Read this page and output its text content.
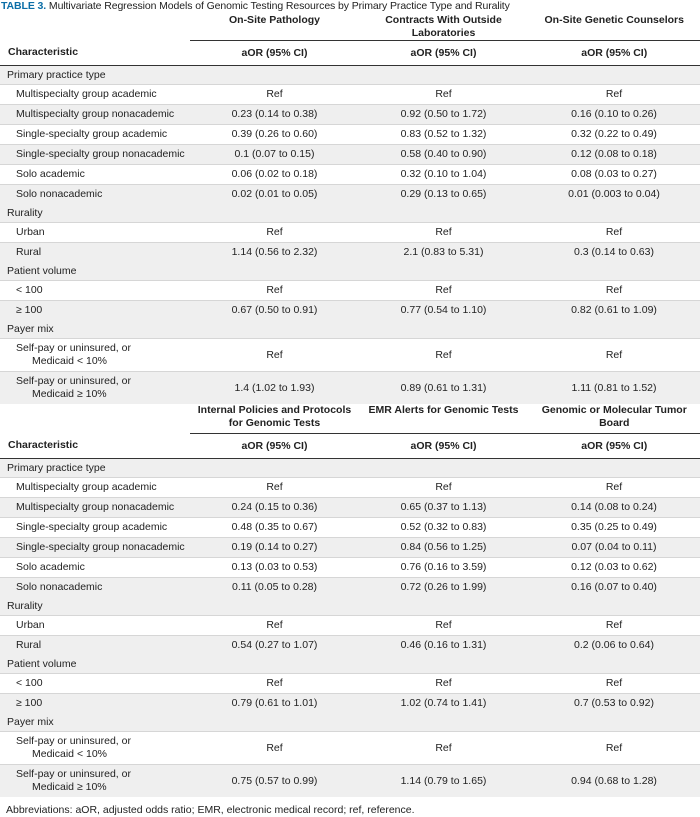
TABLE 3. Multivariate Regression Models of Genomic Testing Resources by Primary Practice Type and Rurality
	On-Site Pathology	Contracts With Outside Laboratories	On-Site Genetic Counselors
Characteristic	aOR (95% CI)	aOR (95% CI)	aOR (95% CI)
Primary practice type			
Multispecialty group academic	Ref	Ref	Ref
Multispecialty group nonacademic	0.23 (0.14 to 0.38)	0.92 (0.50 to 1.72)	0.16 (0.10 to 0.26)
Single-specialty group academic	0.39 (0.26 to 0.60)	0.83 (0.52 to 1.32)	0.32 (0.22 to 0.49)
Single-specialty group nonacademic	0.1 (0.07 to 0.15)	0.58 (0.40 to 0.90)	0.12 (0.08 to 0.18)
Solo academic	0.06 (0.02 to 0.18)	0.32 (0.10 to 1.04)	0.08 (0.03 to 0.27)
Solo nonacademic	0.02 (0.01 to 0.05)	0.29 (0.13 to 0.65)	0.01 (0.003 to 0.04)
Rurality			
Urban	Ref	Ref	Ref
Rural	1.14 (0.56 to 2.32)	2.1 (0.83 to 5.31)	0.3 (0.14 to 0.63)
Patient volume			
< 100	Ref	Ref	Ref
≥ 100	0.67 (0.50 to 0.91)	0.77 (0.54 to 1.10)	0.82 (0.61 to 1.09)
Payer mix			

Self-pay or uninsured, or
Medicaid < 10%	Ref	Ref	Ref

Self-pay or uninsured, or
Medicaid ≥ 10%	1.4 (1.02 to 1.93)	0.89 (0.61 to 1.31)	1.11 (0.81 to 1.52)
	Internal Policies and Protocols for Genomic Tests	EMR Alerts for Genomic Tests	Genomic or Molecular Tumor Board
Characteristic	aOR (95% CI)	aOR (95% CI)	aOR (95% CI)
Primary practice type			
Multispecialty group academic	Ref	Ref	Ref
Multispecialty group nonacademic	0.24 (0.15 to 0.36)	0.65 (0.37 to 1.13)	0.14 (0.08 to 0.24)
Single-specialty group academic	0.48 (0.35 to 0.67)	0.52 (0.32 to 0.83)	0.35 (0.25 to 0.49)
Single-specialty group nonacademic	0.19 (0.14 to 0.27)	0.84 (0.56 to 1.25)	0.07 (0.04 to 0.11)
Solo academic	0.13 (0.03 to 0.53)	0.76 (0.16 to 3.59)	0.12 (0.03 to 0.62)
Solo nonacademic	0.11 (0.05 to 0.28)	0.72 (0.26 to 1.99)	0.16 (0.07 to 0.40)
Rurality			
Urban	Ref	Ref	Ref
Rural	0.54 (0.27 to 1.07)	0.46 (0.16 to 1.31)	0.2 (0.06 to 0.64)
Patient volume			
< 100	Ref	Ref	Ref
≥ 100	0.79 (0.61 to 1.01)	1.02 (0.74 to 1.41)	0.7 (0.53 to 0.92)
Payer mix			

Self-pay or uninsured, or
Medicaid < 10%	Ref	Ref	Ref

Self-pay or uninsured, or
Medicaid ≥ 10%	0.75 (0.57 to 0.99)	1.14 (0.79 to 1.65)	0.94 (0.68 to 1.28)
Abbreviations: aOR, adjusted odds ratio; EMR, electronic medical record; ref, reference.
